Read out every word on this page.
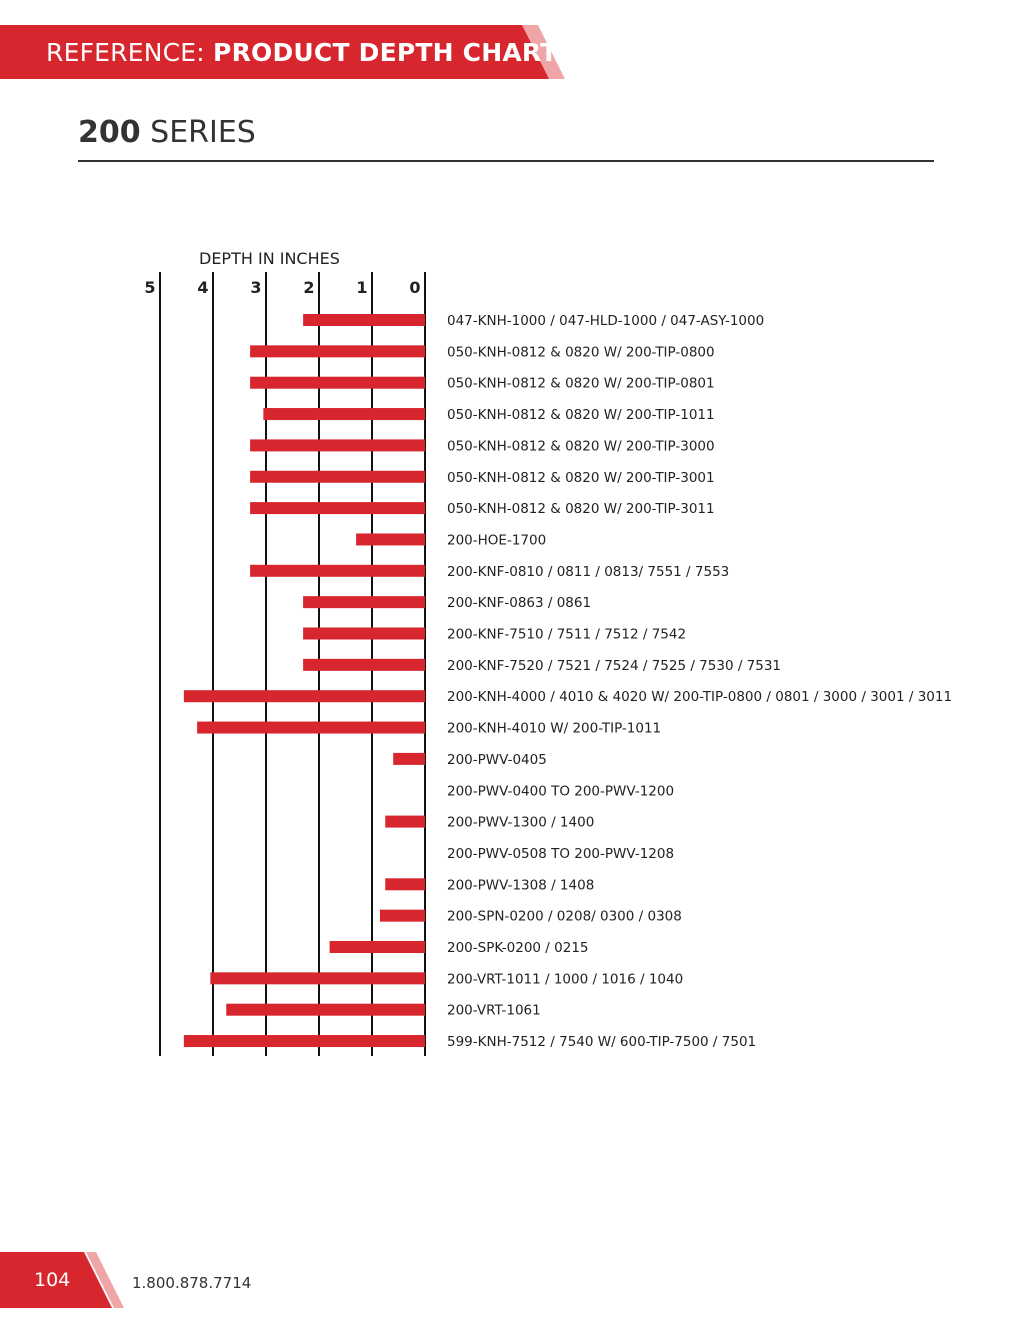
REFERENCE: PRODUCT DEPTH CHARTS
200 SERIES
DEPTH IN INCHES
5	4	3	2	1	0
047-KNH-1000 / 047-HLD-1000 / 047-ASY-1000
050-KNH-0812 & 0820 W/ 200-TIP-0800
050-KNH-0812 & 0820 W/ 200-TIP-0801
050-KNH-0812 & 0820 W/ 200-TIP-1011
050-KNH-0812 & 0820 W/ 200-TIP-3000
050-KNH-0812 & 0820 W/ 200-TIP-3001
050-KNH-0812 & 0820 W/ 200-TIP-3011
200-HOE-1700
200-KNF-0810 / 0811 / 0813/ 7551 / 7553
200-KNF-0863 / 0861
200-KNF-7510 / 7511 / 7512 / 7542
200-KNF-7520 / 7521 / 7524 / 7525 / 7530 / 7531
200-KNH-4000 / 4010 & 4020 W/ 200-TIP-0800 / 0801 / 3000 / 3001 / 3011
200-KNH-4010 W/ 200-TIP-1011
200-PWV-0405
200-PWV-0400 TO 200-PWV-1200
200-PWV-1300 / 1400
200-PWV-0508 TO 200-PWV-1208
200-PWV-1308 / 1408
200-SPN-0200 / 0208/ 0300 / 0308
200-SPK-0200 / 0215
200-VRT-1011 / 1000 / 1016 / 1040
200-VRT-1061
599-KNH-7512 / 7540 W/ 600-TIP-7500 / 7501
104	1.800.878.7714
